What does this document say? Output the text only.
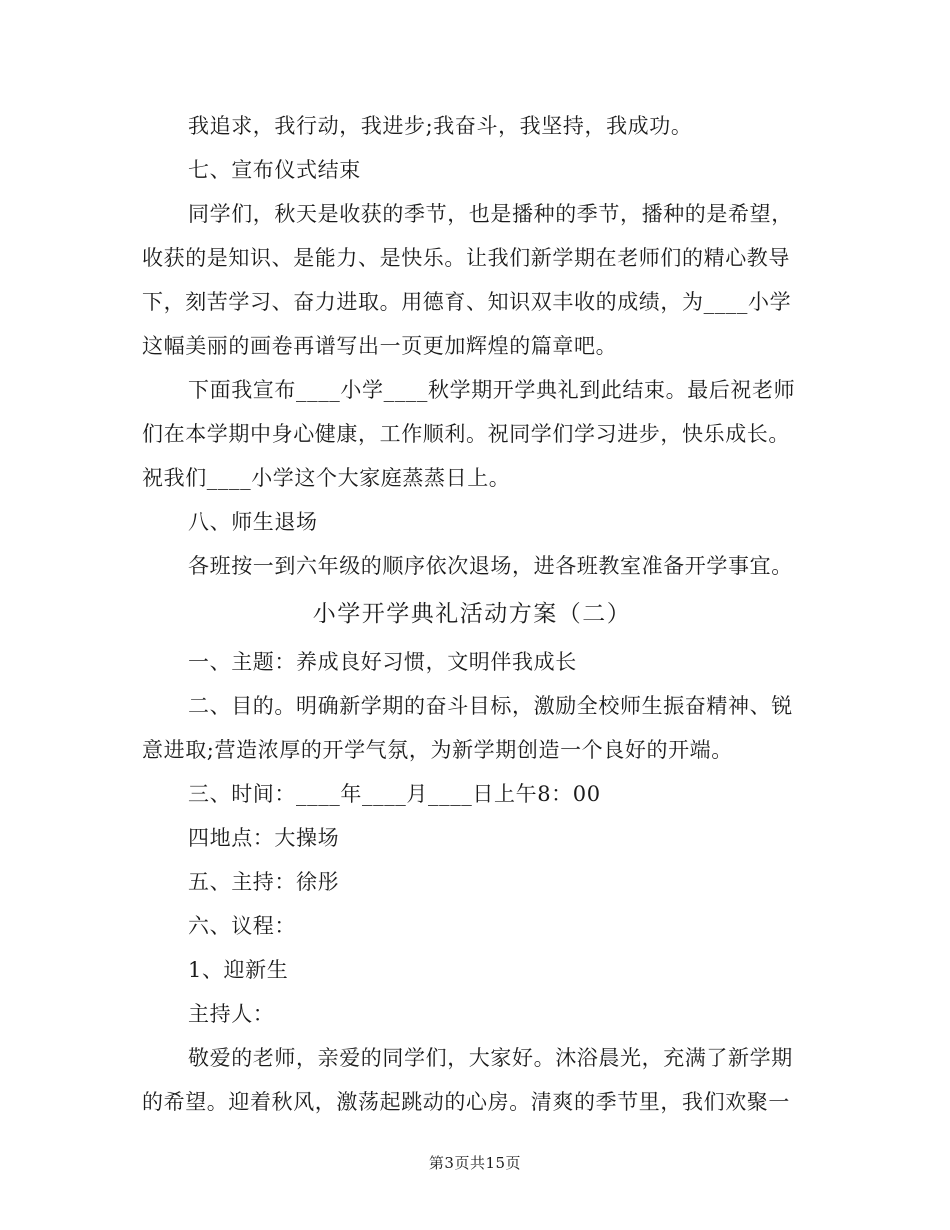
我追求，我行动，我进步;我奋斗，我坚持，我成功。

七、宣布仪式结束

同学们，秋天是收获的季节，也是播种的季节，播种的是希望，

收获的是知识、是能力、是快乐。让我们新学期在老师们的精心教导

下，刻苦学习、奋力进取。用德育、知识双丰收的成绩，为____小学

这幅美丽的画卷再谱写出一页更加辉煌的篇章吧。

下面我宣布____小学____秋学期开学典礼到此结束。最后祝老师

们在本学期中身心健康，工作顺利。祝同学们学习进步，快乐成长。

祝我们____小学这个大家庭蒸蒸日上。

八、师生退场

各班按一到六年级的顺序依次退场，进各班教室准备开学事宜。

小学开学典礼活动方案（二）

一、主题：养成良好习惯，文明伴我成长

二、目的。明确新学期的奋斗目标，激励全校师生振奋精神、锐

意进取;营造浓厚的开学气氛，为新学期创造一个良好的开端。

三、时间：____年____月____日上午8：00

四地点：大操场

五、主持：徐彤

六、议程：

1、迎新生

主持人：

敬爱的老师，亲爱的同学们，大家好。沐浴晨光，充满了新学期

的希望。迎着秋风，激荡起跳动的心房。清爽的季节里，我们欢聚一

第3页共15页
